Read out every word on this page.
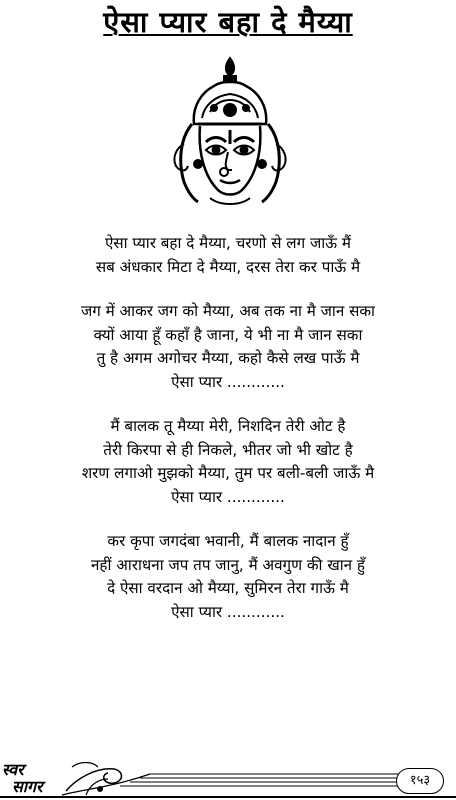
ऐसा प्यार बहा दे मैय्या
ऐसा प्यार बहा दे मैय्या, चरणो से लग जाऊँ मैं
सब अंधकार मिटा दे मैय्या, दरस तेरा कर पाऊँ मै
जग में आकर जग को मैय्या, अब तक ना मै जान सका
क्यों आया हूँ कहाँ है जाना, ये भी ना मै जान सका
तु है अगम अगोचर मैय्या, कहो कैसे लख पाऊँ मै
ऐसा प्यार ............
मैं बालक तू मैय्या मेरी, निशदिन तेरी ओट है
तेरी किरपा से ही निकले, भीतर जो भी खोट है
शरण लगाओ मुझको मैय्या, तुम पर बली-बली जाऊँ मै
ऐसा प्यार ............
कर कृपा जगदंबा भवानी, मैं बालक नादान हुँ
नहीं आराधना जप तप जानु, मैं अवगुण की खान हुँ
दे ऐसा वरदान ओ मैय्या, सुमिरन तेरा गाऊँ मै
ऐसा प्यार ............
स्वर
सागर	१५३
